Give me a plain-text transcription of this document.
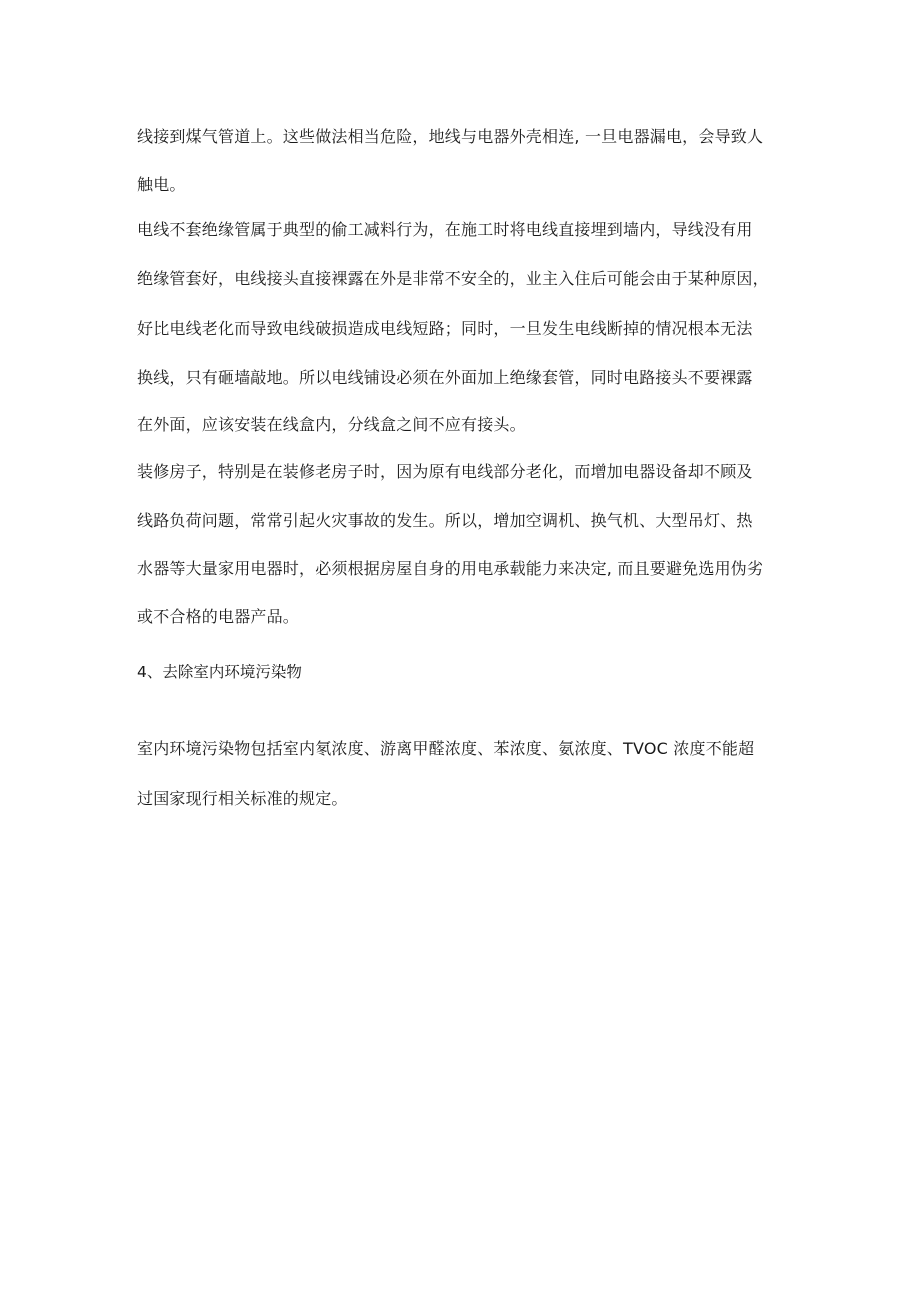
线接到煤气管道上。这些做法相当危险，地线与电器外壳相连, 一旦电器漏电，会导致人
触电。
电线不套绝缘管属于典型的偷工减料行为，在施工时将电线直接埋到墙内，导线没有用
绝缘管套好，电线接头直接裸露在外是非常不安全的，业主入住后可能会由于某种原因，
好比电线老化而导致电线破损造成电线短路；同时，一旦发生电线断掉的情况根本无法
换线，只有砸墙敲地。所以电线铺设必须在外面加上绝缘套管，同时电路接头不要裸露
在外面，应该安装在线盒内，分线盒之间不应有接头。
装修房子，特别是在装修老房子时，因为原有电线部分老化，而增加电器设备却不顾及
线路负荷问题，常常引起火灾事故的发生。所以，增加空调机、换气机、大型吊灯、热
水器等大量家用电器时，必须根据房屋自身的用电承载能力来决定, 而且要避免选用伪劣
或不合格的电器产品。
4、去除室内环境污染物
室内环境污染物包括室内氡浓度、游离甲醛浓度、苯浓度、氨浓度、TVOC 浓度不能超
过国家现行相关标准的规定。
